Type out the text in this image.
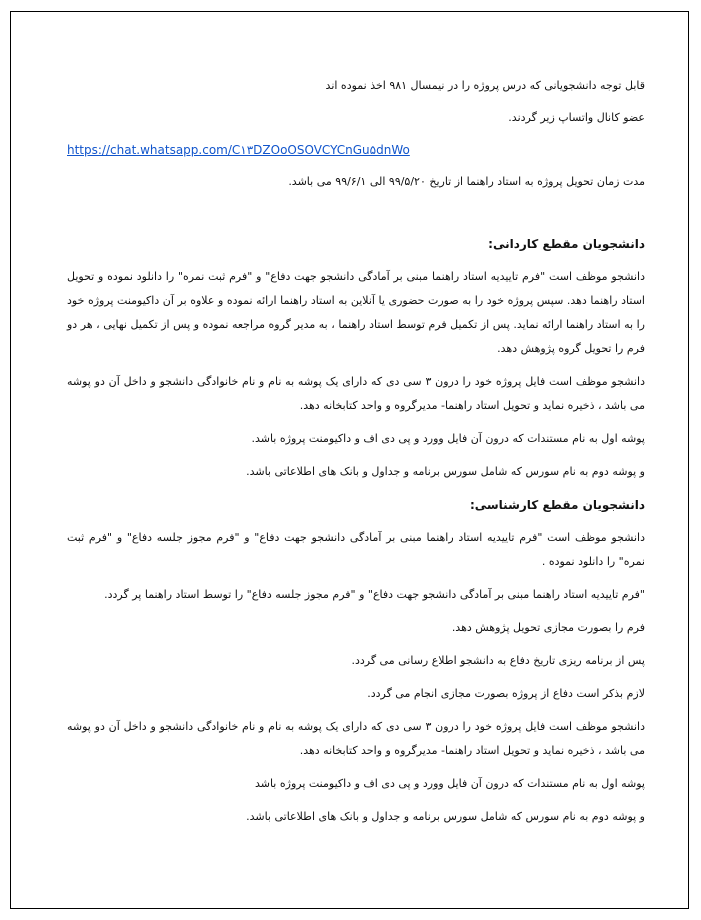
قابل توجه دانشجویانی که درس پروژه را در نیمسال ۹۸۱ اخذ نموده اند

عضو کانال واتساپ زیر گردند.

https://chat.whatsapp.com/C۱۳DZOoOSOVCYCnGu۵dnWo

مدت زمان تحویل پروژه به استاد راهنما از تاریخ ۹۹/۵/۲۰ الی ۹۹/۶/۱ می باشد.

دانشجویان مقطع کاردانی:

دانشجو موظف است "فرم تاییدیه استاد راهنما مبنی بر آمادگی دانشجو جهت دفاع" و "فرم ثبت نمره" را دانلود نموده و تحویل استاد راهنما دهد. سپس پروژه خود را به صورت حضوری یا آنلاین به استاد راهنما ارائه نموده و علاوه بر آن داکیومنت پروژه خود را به استاد راهنما ارائه نماید. پس از تکمیل فرم توسط استاد راهنما ، به مدیر گروه مراجعه نموده و پس از تکمیل نهایی ، هر دو فرم را تحویل گروه پژوهش دهد.

دانشجو موظف است فایل پروژه خود را درون ۳ سی دی که دارای یک پوشه به نام و نام خانوادگی دانشجو و داخل آن دو پوشه می باشد ، ذخیره نماید و تحویل استاد راهنما- مدیرگروه و واحد کتابخانه دهد.

پوشه اول به نام مستندات که درون آن فایل وورد و پی دی اف و داکیومنت پروژه باشد.

و پوشه دوم به نام سورس که شامل سورس برنامه و جداول و بانک های اطلاعاتی باشد.

دانشجویان مقطع کارشناسی:

دانشجو موظف است "فرم تاییدیه استاد راهنما مبنی بر آمادگی دانشجو جهت دفاع" و "فرم مجوز جلسه دفاع" و "فرم ثبت نمره" را دانلود نموده .

"فرم تاییدیه استاد راهنما مبنی بر آمادگی دانشجو جهت دفاع" و "فرم مجوز جلسه دفاع" را توسط استاد راهنما پر گردد.

فرم را بصورت مجازی تحویل پژوهش دهد.

پس از برنامه ریزی تاریخ دفاع به دانشجو اطلاع رسانی می گردد.

لازم بذکر است دفاع از پروژه بصورت مجازی انجام می گردد.

دانشجو موظف است فایل پروژه خود را درون ۳ سی دی که دارای یک پوشه به نام و نام خانوادگی دانشجو و داخل آن دو پوشه می باشد ، ذخیره نماید و تحویل استاد راهنما- مدیرگروه و واحد کتابخانه دهد.

پوشه اول به نام مستندات که درون آن فایل وورد و پی دی اف و داکیومنت پروژه باشد

و پوشه دوم به نام سورس که شامل سورس برنامه و جداول و بانک های اطلاعاتی باشد.
